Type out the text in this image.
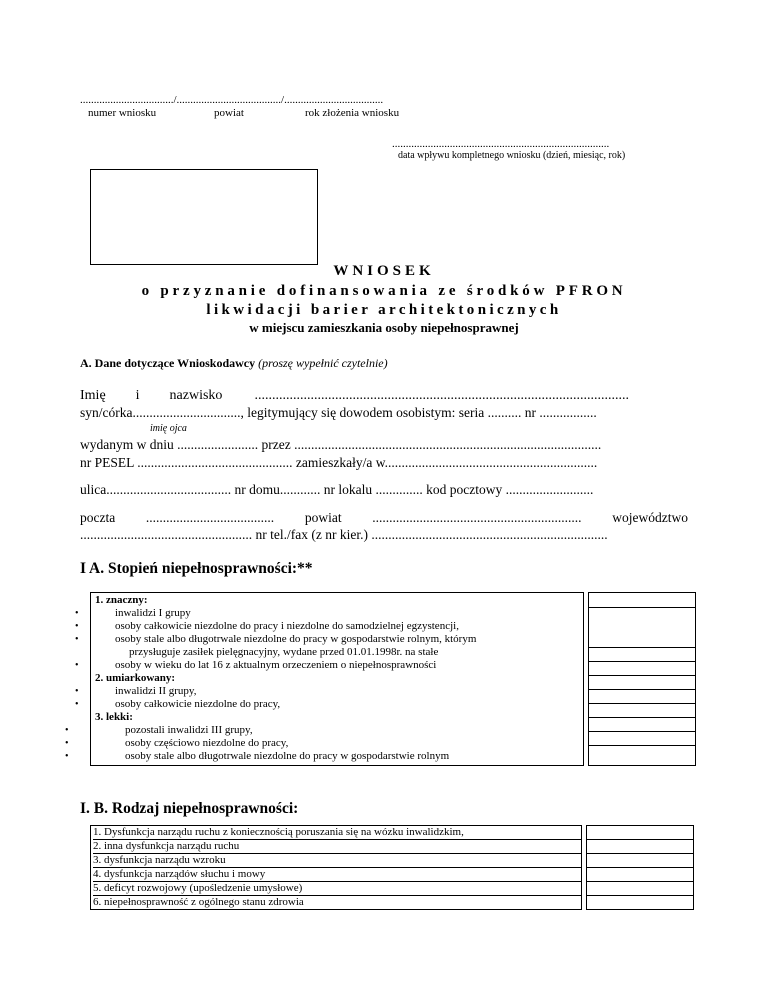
................................../....................................../....................................
numer wniosku	powiat	rok złożenia wniosku
...............................................................................
data wpływu kompletnego wniosku (dzień, miesiąc, rok)
WNIOSEK
o przyznanie dofinansowania ze środków PFRON
likwidacji barier architektonicznych
w miejscu zamieszkania osoby niepełnosprawnej
A. Dane dotyczące Wnioskodawcy (proszę wypełnić czytelnie)
Imię i nazwisko ...........................................................................................................
syn/córka................................, legitymujący się dowodem osobistym: seria .......... nr .................
imię ojca
wydanym w dniu ........................ przez ...........................................................................................
nr PESEL .............................................. zamieszkały/a w...............................................................
ulica..................................... nr domu............ nr lokalu .............. kod pocztowy ..........................
poczta ...................................... powiat .............................................................. województwo
................................................... nr tel./fax (z nr kier.) ......................................................................
I A. Stopień niepełnosprawności:**
1. znaczny:
•	inwalidzi I grupy
•	osoby całkowicie niezdolne do pracy i niezdolne do samodzielnej egzystencji,
•	osoby stale albo długotrwale niezdolne do pracy w gospodarstwie rolnym, którym
przysługuje zasiłek pielęgnacyjny, wydane przed 01.01.1998r. na stałe
•	osoby w wieku do lat 16 z aktualnym orzeczeniem o niepełnosprawności
2. umiarkowany:
•	inwalidzi II grupy,
•	osoby całkowicie niezdolne do pracy,
3. lekki:
•	pozostali inwalidzi III grupy,
•	osoby częściowo niezdolne do pracy,
•	osoby stale albo długotrwale niezdolne do pracy w gospodarstwie rolnym

I. B. Rodzaj niepełnosprawności:
1. Dysfunkcja narządu ruchu z koniecznością poruszania się na wózku inwalidzkim,
2. inna dysfunkcja narządu ruchu
3. dysfunkcja narządu wzroku
4. dysfunkcja narządów słuchu i mowy
5. deficyt rozwojowy (upośledzenie umysłowe)
6. niepełnosprawność z ogólnego stanu zdrowia
